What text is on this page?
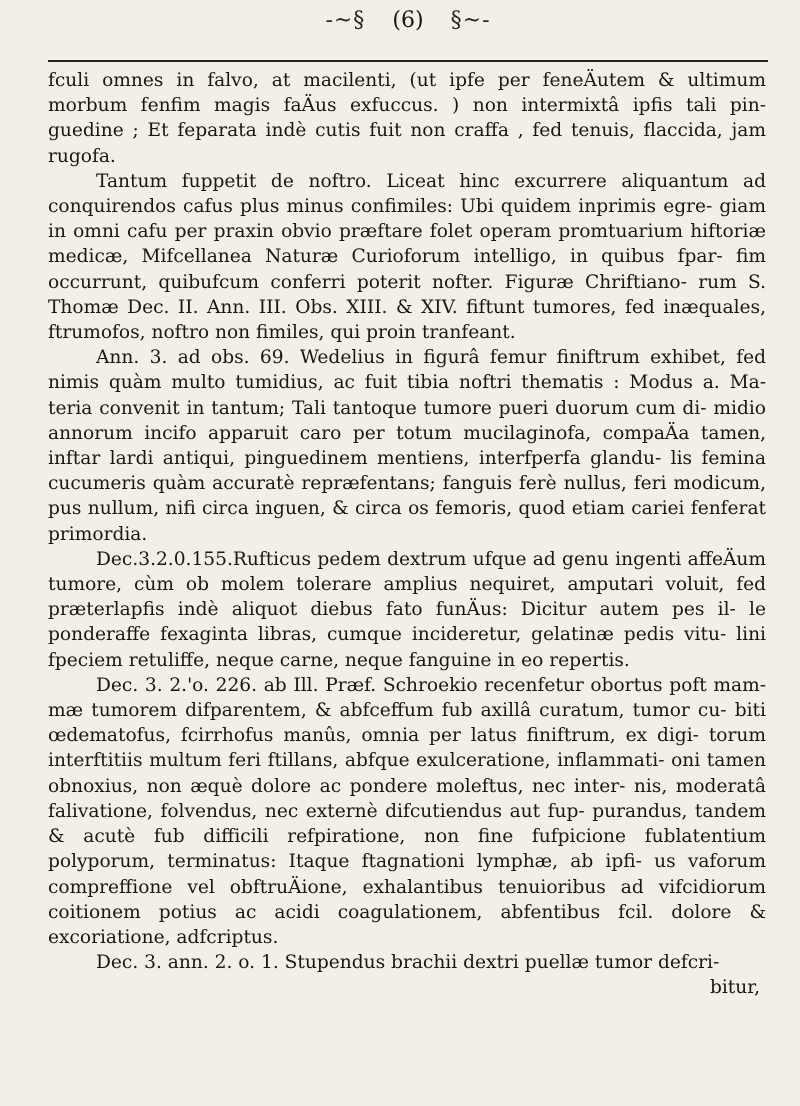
-~§ (6) §~-

fculi omnes in falvo, at macilenti, (ut ipfe per feneÄutem & ultimum morbum fenfim magis faÄus exfuccus. ) non intermixtâ ipfis tali pin- guedine ; Et feparata indè cutis fuit non craffa , fed tenuis, flaccida, jam rugofa.

Tantum fuppetit de noftro. Liceat hinc excurrere aliquantum ad conquirendos cafus plus minus confimiles: Ubi quidem inprimis egre- giam in omni cafu per praxin obvio præftare folet operam promtuarium hiftoriæ medicæ, Mifcellanea Naturæ Curioforum intelligo, in quibus fpar- fim occurrunt, quibufcum conferri poterit nofter. Figuræ Chriftiano- rum S. Thomæ Dec. II. Ann. III. Obs. XIII. & XIV. fiftunt tumores, fed inæquales, ftrumofos, noftro non fimiles, qui proin tranfeant.

Ann. 3. ad obs. 69. Wedelius in figurâ femur finiftrum exhibet, fed nimis quàm multo tumidius, ac fuit tibia noftri thematis : Modus a. Ma- teria convenit in tantum; Tali tantoque tumore pueri duorum cum di- midio annorum incifo apparuit caro per totum mucilaginofa, compaÄa tamen, inftar lardi antiqui, pinguedinem mentiens, interfperfa glandu- lis femina cucumeris quàm accuratè repræfentans; fanguis ferè nullus, feri modicum, pus nullum, nifi circa inguen, & circa os femoris, quod etiam cariei fenferat primordia.

Dec.3.2.0.155.Rufticus pedem dextrum ufque ad genu ingenti affeÄum tumore, cùm ob molem tolerare amplius nequiret, amputari voluit, fed præterlapfis indè aliquot diebus fato funÄus: Dicitur autem pes il- le ponderaffe fexaginta libras, cumque incideretur, gelatinæ pedis vitu- lini fpeciem retuliffe, neque carne, neque fanguine in eo repertis.

Dec. 3. 2.'o. 226. ab Ill. Præf. Schroekio recenfetur obortus poft mam- mæ tumorem difparentem, & abfceffum fub axillâ curatum, tumor cu- biti œdematofus, fcirrhofus manûs, omnia per latus finiftrum, ex digi- torum interftitiis multum feri ftillans, abfque exulceratione, inflammati- oni tamen obnoxius, non æquè dolore ac pondere moleftus, nec inter- nis, moderatâ falivatione, folvendus, nec externè difcutiendus aut fup- purandus, tandem & acutè fub difficili refpiratione, non fine fufpicione fublatentium polyporum, terminatus: Itaque ftagnationi lymphæ, ab ipfi- us vaforum compreffione vel obftruÄione, exhalantibus tenuioribus ad vifcidiorum coitionem potius ac acidi coagulationem, abfentibus fcil. dolore & excoriatione, adfcriptus.

Dec. 3. ann. 2. o. 1. Stupendus brachii dextri puellæ tumor defcri-

bitur,
